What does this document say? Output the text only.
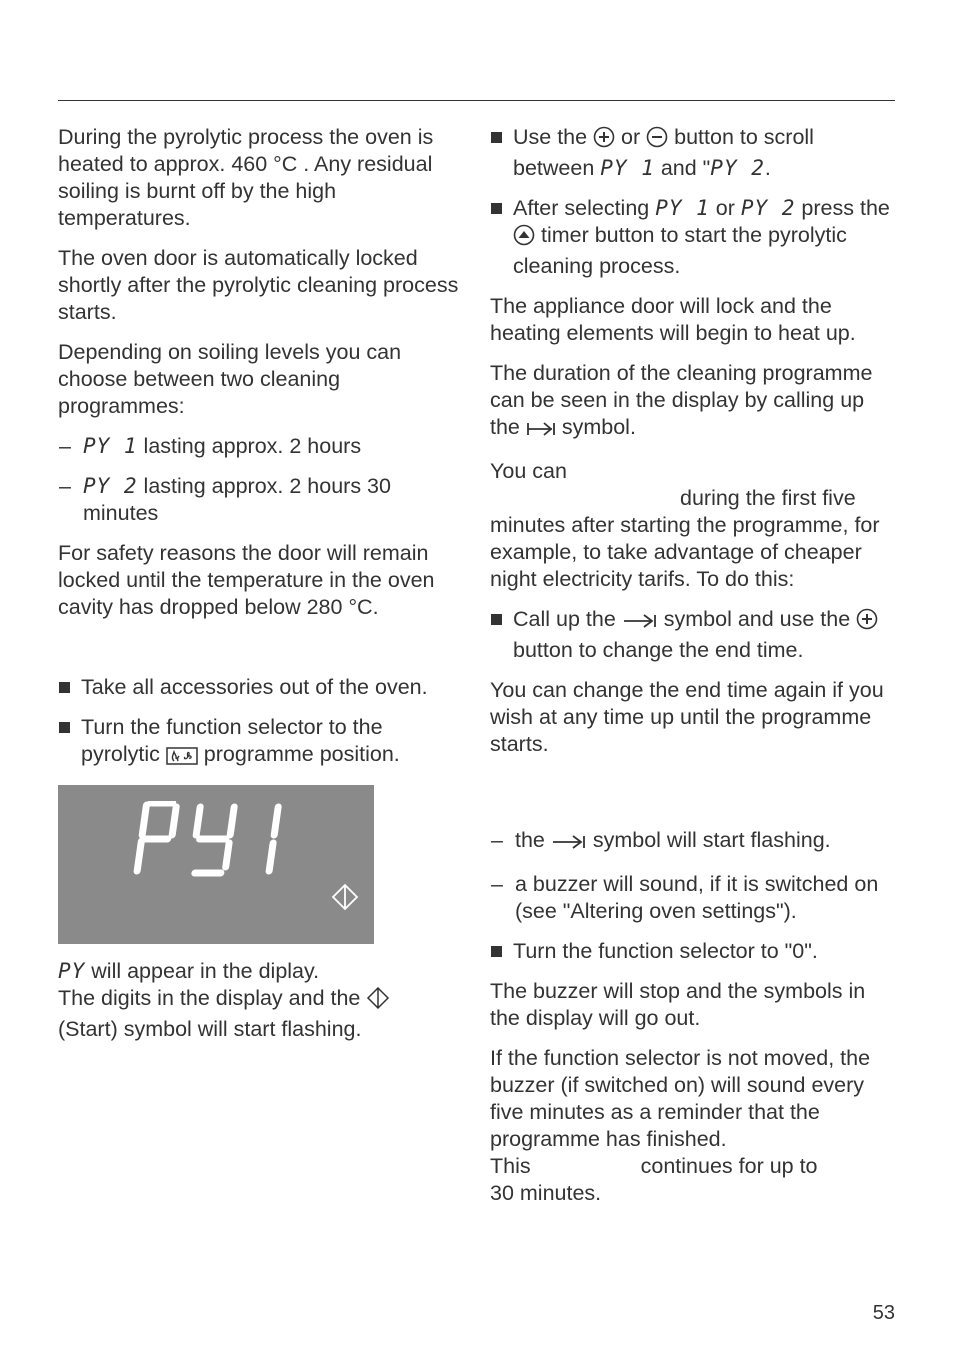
During the pyrolytic process the oven is heated to approx. 460 °C . Any residual soiling is burnt off by the high temperatures.

The oven door is automatically locked shortly after the pyrolytic cleaning process starts.

Depending on soiling levels you can choose between two cleaning programmes:

– PY 1 lasting approx. 2 hours
– PY 2 lasting approx. 2 hours 30 minutes

For safety reasons the door will remain locked until the temperature in the oven cavity has dropped below 280 °C.

Take all accessories out of the oven.
Turn the function selector to the pyrolytic  programme position.

PY will appear in the diplay.
The digits in the display and the
(Start) symbol will start flashing.

Use the  or  button to scroll between PY 1 and "PY 2.
After selecting PY 1 or PY 2 press the  timer button to start the pyrolytic cleaning process.

The appliance door will lock and the heating elements will begin to heat up.

The duration of the cleaning programme can be seen in the display by calling up the  symbol.

You can
during the first five minutes after starting the programme, for example, to take advantage of cheaper night electricity tarifs. To do this:

Call up the  symbol and use the  button to change the end time.

You can change the end time again if you wish at any time up until the programme starts.

– the  symbol will start flashing.
– a buzzer will sound, if it is switched on (see "Altering oven settings").
Turn the function selector to "0".

The buzzer will stop and the symbols in the display will go out.

If the function selector is not moved, the buzzer (if switched on) will sound every five minutes as a reminder that the programme has finished.
This	continues for up to
30 minutes.

53
